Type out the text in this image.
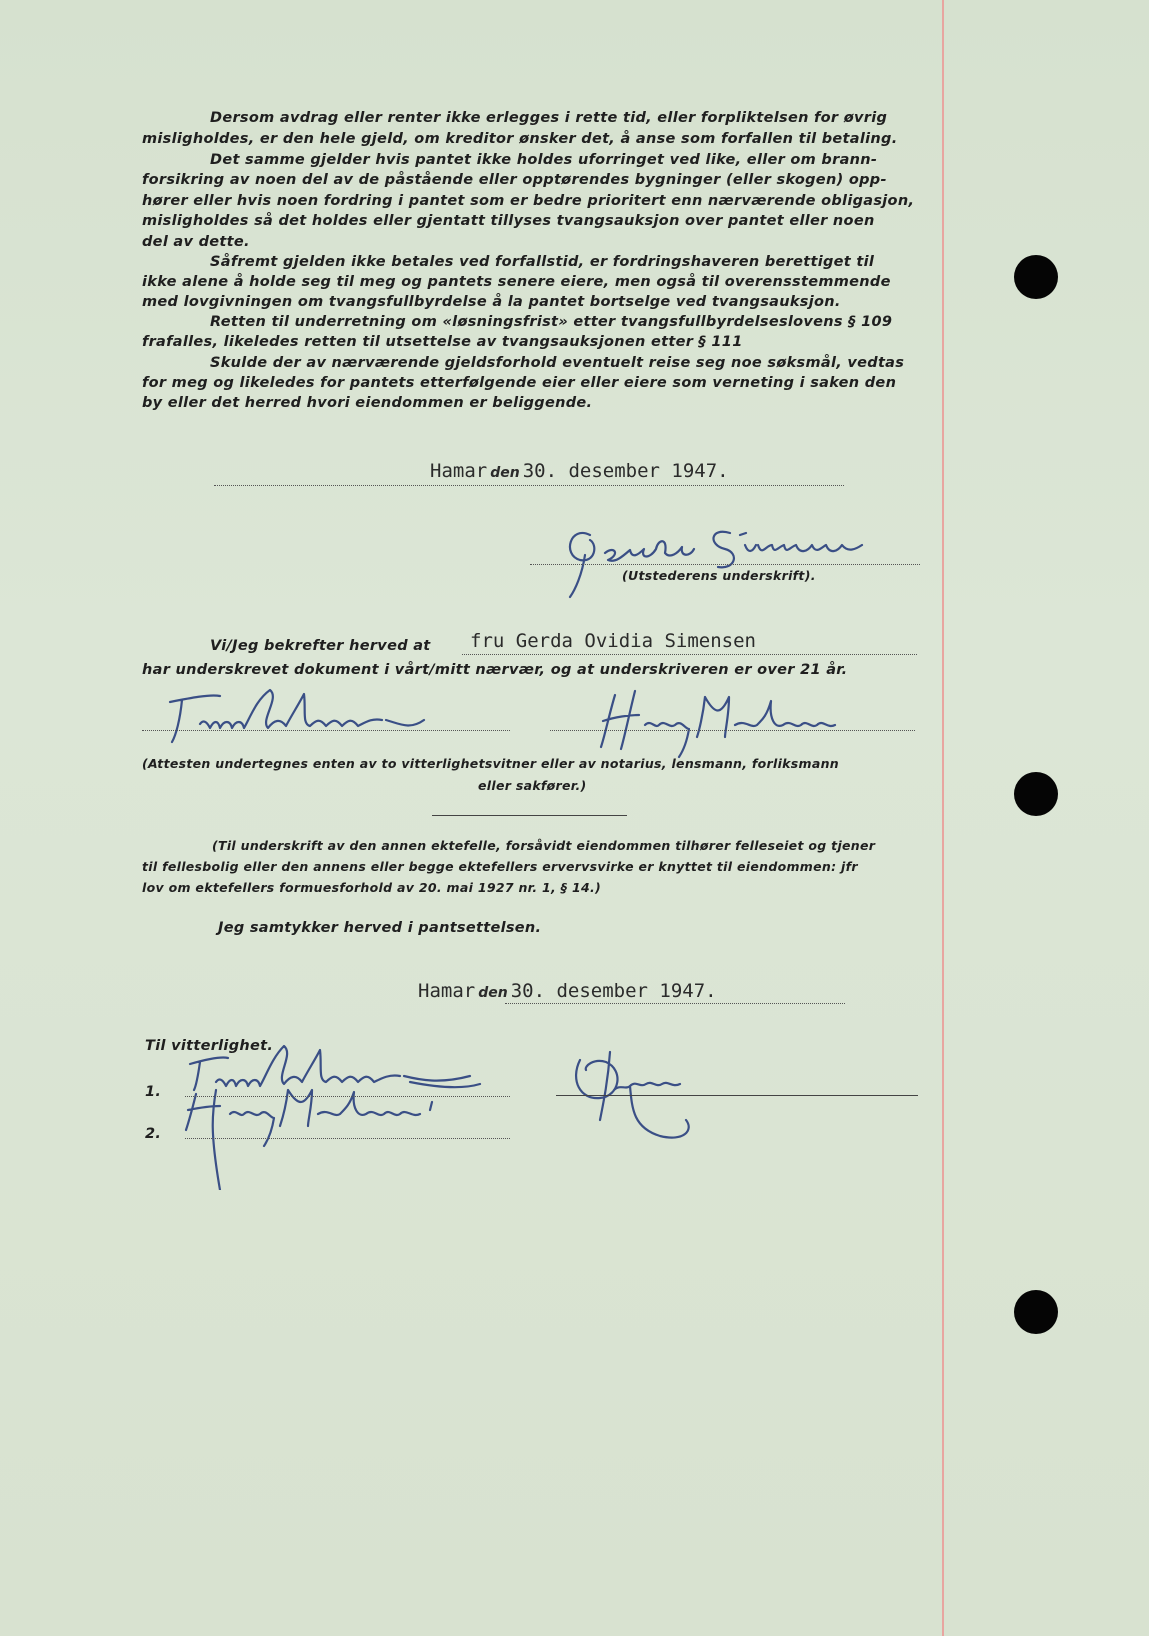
Dersom avdrag eller renter ikke erlegges i rette tid, eller forpliktelsen for øvrig
misligholdes, er den hele gjeld, om kreditor ønsker det, å anse som forfallen til betaling.
Det samme gjelder hvis pantet ikke holdes uforringet ved like, eller om brann-
forsikring av noen del av de påstående eller opptørendes bygninger (eller skogen) opp-
hører eller hvis noen fordring i pantet som er bedre prioritert enn nærværende obligasjon,
misligholdes så det holdes eller gjentatt tillyses tvangsauksjon over pantet eller noen
del av dette.
Såfremt gjelden ikke betales ved forfallstid, er fordringshaveren berettiget til
ikke alene å holde seg til meg og pantets senere eiere, men også til overensstemmende
med lovgivningen om tvangsfullbyrdelse å la pantet bortselge ved tvangsauksjon.
Retten til underretning om «løsningsfrist» etter tvangsfullbyrdelseslovens § 109
frafalles, likeledes retten til utsettelse av tvangsauksjonen etter § 111
Skulde der av nærværende gjeldsforhold eventuelt reise seg noe søksmål, vedtas
for meg og likeledes for pantets etterfølgende eier eller eiere som verneting i saken den
by eller det herred hvori eiendommen er beliggende.
Hamar den 30. desember 1947.
(Utstederens underskrift).
Vi/Jeg bekrefter herved at fru Gerda Ovidia Simensen
har underskrevet dokument i vårt/mitt nærvær, og at underskriveren er over 21 år.
(Attesten undertegnes enten av to vitterlighetsvitner eller av notarius, lensmann, forliksmann
eller sakfører.)
(Til underskrift av den annen ektefelle, forsåvidt eiendommen tilhører felleseiet og tjener
til fellesbolig eller den annens eller begge ektefellers ervervsvirke er knyttet til eiendommen: jfr
lov om ektefellers formuesforhold av 20. mai 1927 nr. 1, § 14.)
Jeg samtykker herved i pantsettelsen.
Hamar den 30. desember 1947.
Til vitterlighet.
1.
2.
